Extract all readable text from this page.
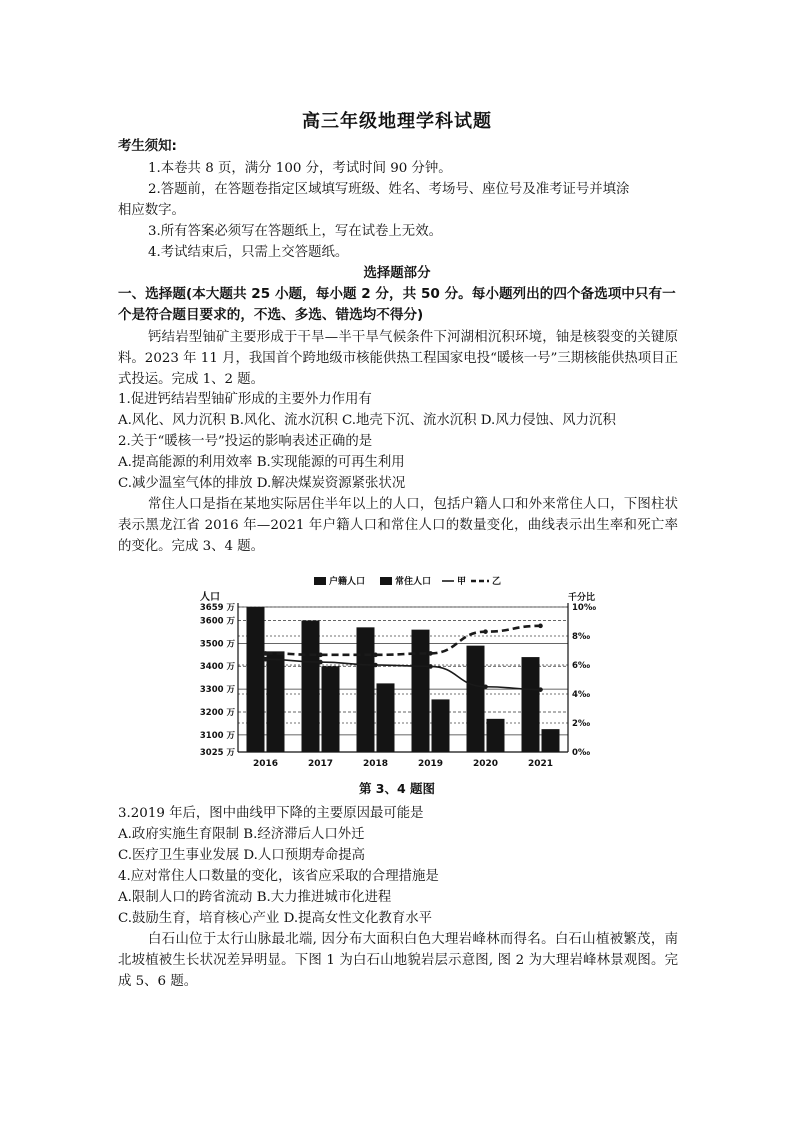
高三年级地理学科试题
考生须知:
1.本卷共 8 页，满分 100 分，考试时间 90 分钟。
2.答题前，在答题卷指定区域填写班级、姓名、考场号、座位号及准考证号并填涂
相应数字。
3.所有答案必须写在答题纸上，写在试卷上无效。
4.考试结束后，只需上交答题纸。
选择题部分
一、选择题(本大题共 25 小题，每小题 2 分，共 50 分。每小题列出的四个备选项中只有一个是符合题目要求的，不选、多选、错选均不得分)
钙结岩型铀矿主要形成于干旱—半干旱气候条件下河湖相沉积环境，铀是核裂变的关键原料。2023 年 11 月，我国首个跨地级市核能供热工程国家电投“暖核一号”三期核能供热项目正式投运。完成 1、2 题。
1.促进钙结岩型铀矿形成的主要外力作用有
A.风化、风力沉积 B.风化、流水沉积 C.地壳下沉、流水沉积 D.风力侵蚀、风力沉积
2.关于“暖核一号”投运的影响表述正确的是
A.提高能源的利用效率 B.实现能源的可再生利用
C.减少温室气体的排放 D.解决煤炭资源紧张状况
常住人口是指在某地实际居住半年以上的人口，包括户籍人口和外来常住人口，下图柱状表示黑龙江省 2016 年—2021 年户籍人口和常住人口的数量变化，曲线表示出生率和死亡率的变化。完成 3、4 题。
人口	千分比
3659 万
3600 万
3500 万
3400 万
3300 万
3200 万
3100 万
3025 万
10‰
8‰
6‰
4‰
2‰
0‰
2016	2017	2018	2019	2020	2021
户籍人口	常住人口	甲	乙
第 3、4 题图
3.2019 年后，图中曲线甲下降的主要原因最可能是
A.政府实施生育限制 B.经济滞后人口外迁
C.医疗卫生事业发展 D.人口预期寿命提高
4.应对常住人口数量的变化，该省应采取的合理措施是
A.限制人口的跨省流动 B.大力推进城市化进程
C.鼓励生育，培育核心产业 D.提高女性文化教育水平
白石山位于太行山脉最北端, 因分布大面积白色大理岩峰林而得名。白石山植被繁茂，南北坡植被生长状况差异明显。下图 1 为白石山地貌岩层示意图, 图 2 为大理岩峰林景观图。完成 5、6 题。
